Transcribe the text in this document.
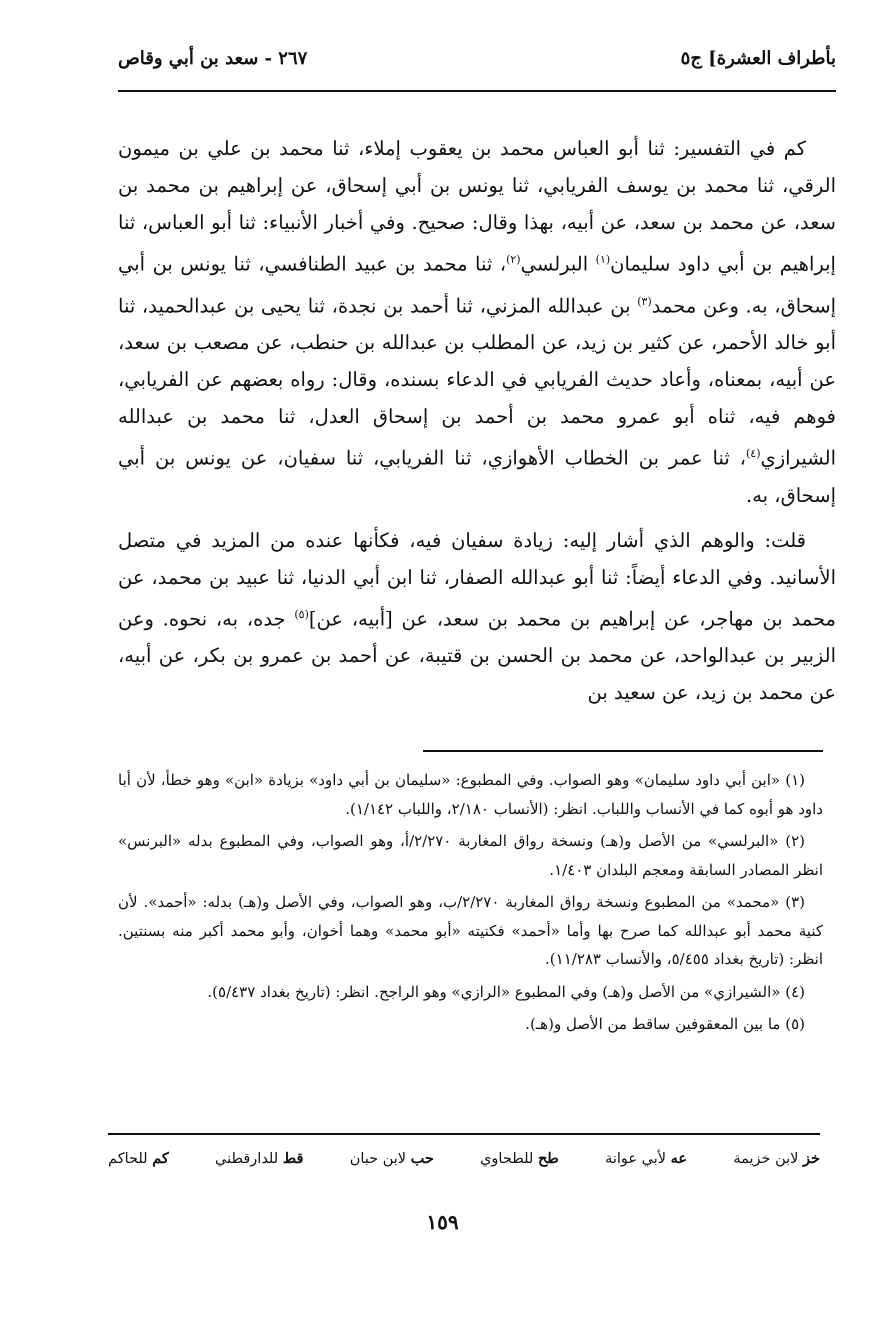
بأطراف العشرة] ج٥
٢٦٧ - سعد بن أبي وقاص

كم في التفسير: ثنا أبو العباس محمد بن يعقوب إملاء، ثنا محمد بن علي بن ميمون الرقي، ثنا محمد بن يوسف الفريابي، ثنا يونس بن أبي إسحاق، عن إبراهيم بن محمد بن سعد، عن محمد بن سعد، عن أبيه، بهذا وقال: صحيح. وفي أخبار الأنبياء: ثنا أبو العباس، ثنا إبراهيم بن أبي داود سليمان$^{(١)}$ البرلسي$^{(٢)}$، ثنا محمد بن عبيد الطنافسي، ثنا يونس بن أبي إسحاق، به. وعن محمد$^{(٣)}$ بن عبدالله المزني، ثنا أحمد بن نجدة، ثنا يحيى بن عبدالحميد، ثنا أبو خالد الأحمر، عن كثير بن زيد، عن المطلب بن عبدالله بن حنطب، عن مصعب بن سعد، عن أبيه، بمعناه، وأعاد حديث الفريابي في الدعاء بسنده، وقال: رواه بعضهم عن الفريابي، فوهم فيه، ثناه أبو عمرو محمد بن أحمد بن إسحاق العدل، ثنا محمد بن عبدالله الشيرازي$^{(٤)}$، ثنا عمر بن الخطاب الأهوازي، ثنا الفريابي، ثنا سفيان، عن يونس بن أبي إسحاق، به.

قلت: والوهم الذي أشار إليه: زيادة سفيان فيه، فكأنها عنده من المزيد في متصل الأسانيد. وفي الدعاء أيضاً: ثنا أبو عبدالله الصفار، ثنا ابن أبي الدنيا، ثنا عبيد بن محمد، عن محمد بن مهاجر، عن إبراهيم بن محمد بن سعد، عن [أبيه، عن]$^{(٥)}$ جده، به، نحوه. وعن الزبير بن عبدالواحد، عن محمد بن الحسن بن قتيبة، عن أحمد بن عمرو بن بكر، عن أبيه، عن محمد بن زيد، عن سعيد بن

(١) «ابن أبي داود سليمان» وهو الصواب. وفي المطبوع: «سليمان بن أبي داود» بزيادة «ابن» وهو خطأ، لأن أبا داود هو أبوه كما في الأنساب واللباب. انظر: (الأنساب ٢/١٨٠، واللباب ١/١٤٢).

(٢) «البرلسي» من الأصل و(هـ) ونسخة رواق المغاربة ٢/٢٧٠/أ، وهو الصواب، وفي المطبوع بدله «البرنس» انظر المصادر السابقة ومعجم البلدان ١/٤٠٣.

(٣) «محمد» من المطبوع ونسخة رواق المغاربة ٢/٢٧٠/ب، وهو الصواب، وفي الأصل و(هـ) بدله: «أحمد». لأن كنية محمد أبو عبدالله كما صرح بها وأما «أحمد» فكنيته «أبو محمد» وهما أخوان، وأبو محمد أكبر منه بسنتين. انظر: (تاريخ بغداد ٥/٤٥٥، والأنساب ١١/٢٨٣).

(٤) «الشيرازي» من الأصل و(هـ) وفي المطبوع «الرازي» وهو الراجح. انظر: (تاريخ بغداد ٥/٤٣٧).

(٥) ما بين المعقوفين ساقط من الأصل و(هـ).

خز لابن خزيمة
عه لأبي عوانة
طح للطحاوي
حب لابن حبان
قط للدارقطني
كم للحاكم
١٥٩
